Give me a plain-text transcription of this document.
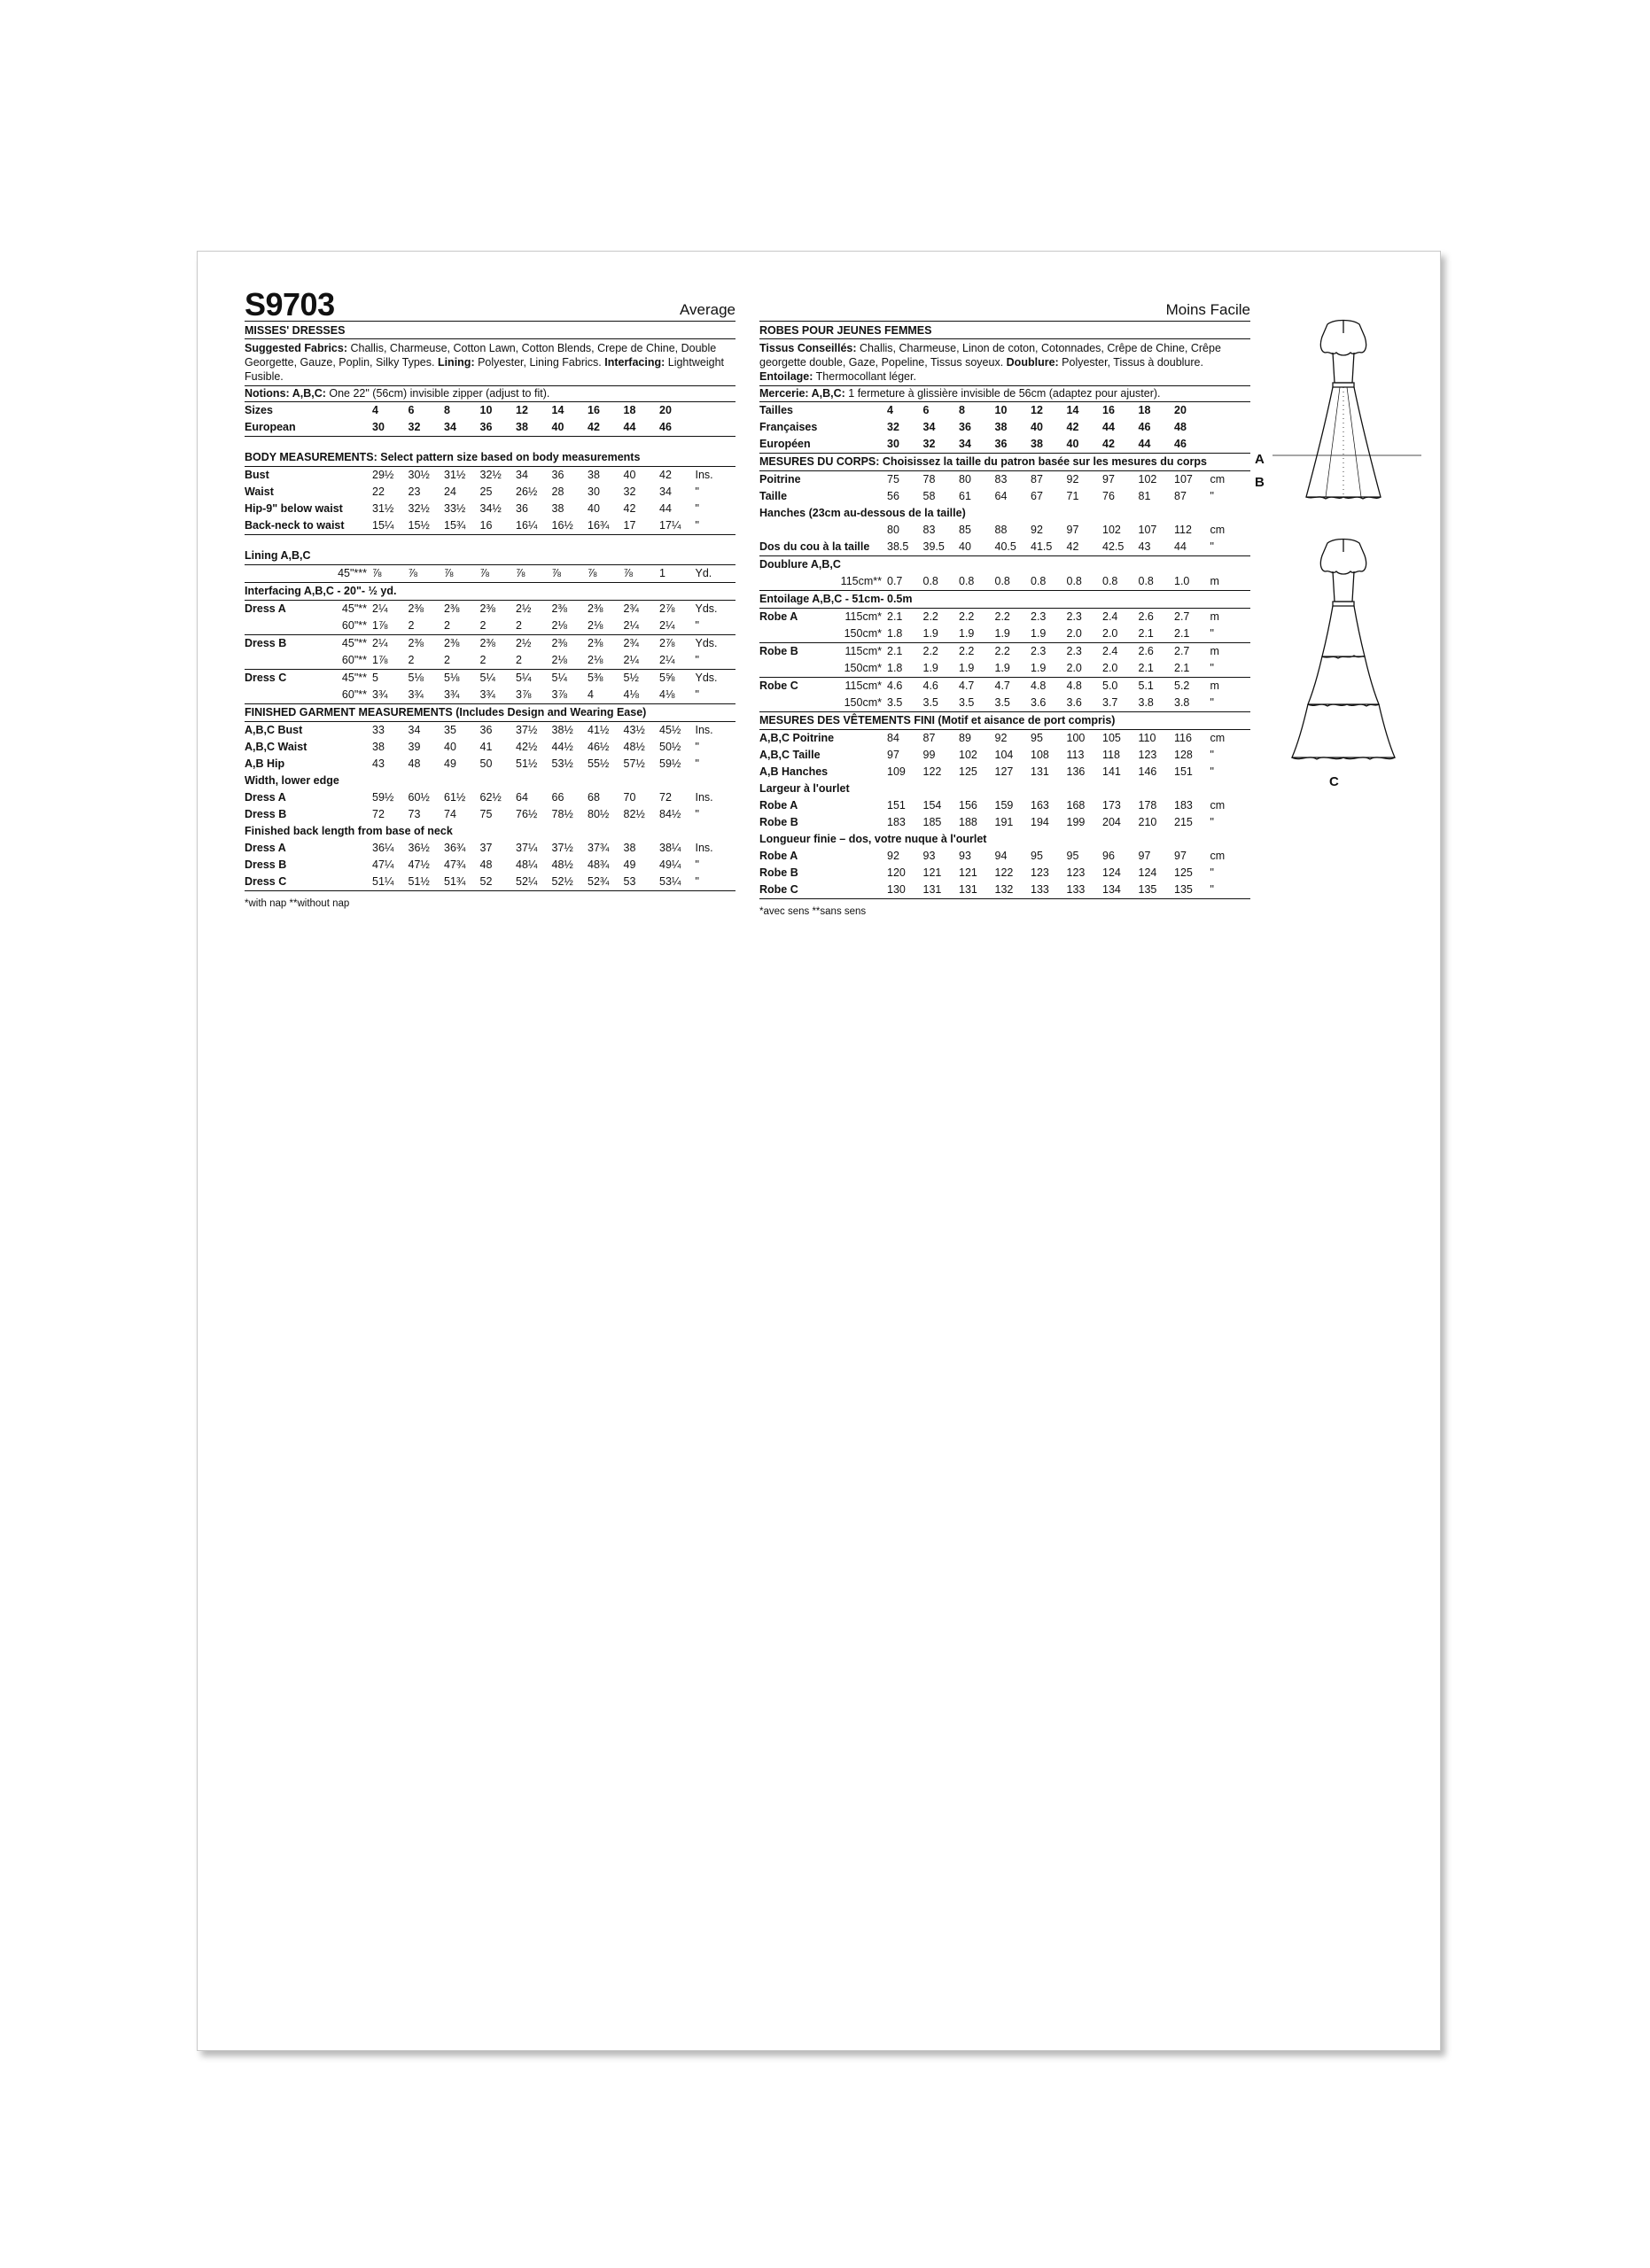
S9703	Average
MISSES' DRESSES
Suggested Fabrics: Challis, Charmeuse, Cotton Lawn, Cotton Blends, Crepe de Chine, Double Georgette, Gauze, Poplin, Silky Types. Lining: Polyester, Lining Fabrics. Interfacing: Lightweight Fusible.
Notions: A,B,C: One 22" (56cm) invisible zipper (adjust to fit).
Sizes		4	6	8	10	12	14	16	18	20	
European		30	32	34	36	38	40	42	44	46	

BODY MEASUREMENTS: Select pattern size based on body measurements											
Bust		29½	30½	31½	32½	34	36	38	40	42	Ins.
Waist		22	23	24	25	26½	28	30	32	34	"
Hip-9" below waist		31½	32½	33½	34½	36	38	40	42	44	"
Back-neck to waist		15¼	15½	15¾	16	16¼	16½	16¾	17	17¼	"

Lining A,B,C											
	45"***	⅞	⅞	⅞	⅞	⅞	⅞	⅞	⅞	1	Yd.
Interfacing A,B,C - 20"- ½ yd.											
Dress A	45"**	2¼	2⅜	2⅜	2⅜	2½	2⅜	2⅜	2¾	2⅞	Yds.
	60"**	1⅞	2	2	2	2	2⅛	2⅛	2¼	2¼	"
Dress B	45"**	2¼	2⅜	2⅜	2⅜	2½	2⅜	2⅜	2¾	2⅞	Yds.
	60"**	1⅞	2	2	2	2	2⅛	2⅛	2¼	2¼	"
Dress C	45"**	5	5⅛	5⅛	5¼	5¼	5¼	5⅜	5½	5⅝	Yds.
	60"**	3¾	3¾	3¾	3¾	3⅞	3⅞	4	4⅛	4⅛	"
FINISHED GARMENT MEASUREMENTS (Includes Design and Wearing Ease)											
A,B,C Bust		33	34	35	36	37½	38½	41½	43½	45½	Ins.
A,B,C Waist		38	39	40	41	42½	44½	46½	48½	50½	"
A,B Hip		43	48	49	50	51½	53½	55½	57½	59½	"
Width, lower edge											
Dress A		59½	60½	61½	62½	64	66	68	70	72	Ins.
Dress B		72	73	74	75	76½	78½	80½	82½	84½	"
Finished back length from base of neck											
Dress A		36¼	36½	36¾	37	37¼	37½	37¾	38	38¼	Ins.
Dress B		47¼	47½	47¾	48	48¼	48½	48¾	49	49¼	"
Dress C		51¼	51½	51¾	52	52¼	52½	52¾	53	53¼	"
*with nap **without nap
Moins Facile
ROBES POUR JEUNES FEMMES
Tissus Conseillés: Challis, Charmeuse, Linon de coton, Cotonnades, Crêpe de Chine, Crêpe georgette double, Gaze, Popeline, Tissus soyeux. Doublure: Polyester, Tissus à doublure. Entoilage: Thermocollant léger.
Mercerie: A,B,C: 1 fermeture à glissière invisible de 56cm (adaptez pour ajuster).
Tailles		4	6	8	10	12	14	16	18	20	
Françaises		32	34	36	38	40	42	44	46	48	
Européen		30	32	34	36	38	40	42	44	46	
MESURES DU CORPS: Choisissez la taille du patron basée sur les mesures du corps											
Poitrine		75	78	80	83	87	92	97	102	107	cm
Taille		56	58	61	64	67	71	76	81	87	"
Hanches (23cm au-dessous de la taille)											
		80	83	85	88	92	97	102	107	112	cm
Dos du cou à la taille		38.5	39.5	40	40.5	41.5	42	42.5	43	44	"
Doublure A,B,C											
	115cm**	0.7	0.8	0.8	0.8	0.8	0.8	0.8	0.8	1.0	m
Entoilage A,B,C - 51cm- 0.5m											
Robe A	115cm*	2.1	2.2	2.2	2.2	2.3	2.3	2.4	2.6	2.7	m
	150cm*	1.8	1.9	1.9	1.9	1.9	2.0	2.0	2.1	2.1	"
Robe B	115cm*	2.1	2.2	2.2	2.2	2.3	2.3	2.4	2.6	2.7	m
	150cm*	1.8	1.9	1.9	1.9	1.9	2.0	2.0	2.1	2.1	"
Robe C	115cm*	4.6	4.6	4.7	4.7	4.8	4.8	5.0	5.1	5.2	m
	150cm*	3.5	3.5	3.5	3.5	3.6	3.6	3.7	3.8	3.8	"
MESURES DES VÊTEMENTS FINI (Motif et aisance de port compris)											
A,B,C Poitrine		84	87	89	92	95	100	105	110	116	cm
A,B,C Taille		97	99	102	104	108	113	118	123	128	"
A,B Hanches		109	122	125	127	131	136	141	146	151	"
Largeur à l'ourlet											
Robe A		151	154	156	159	163	168	173	178	183	cm
Robe B		183	185	188	191	194	199	204	210	215	"
Longueur finie – dos, votre nuque à l'ourlet											
Robe A		92	93	93	94	95	95	96	97	97	cm
Robe B		120	121	121	122	123	123	124	124	125	"
Robe C		130	131	131	132	133	133	134	135	135	"
*avec sens **sans sens

A
B
C
